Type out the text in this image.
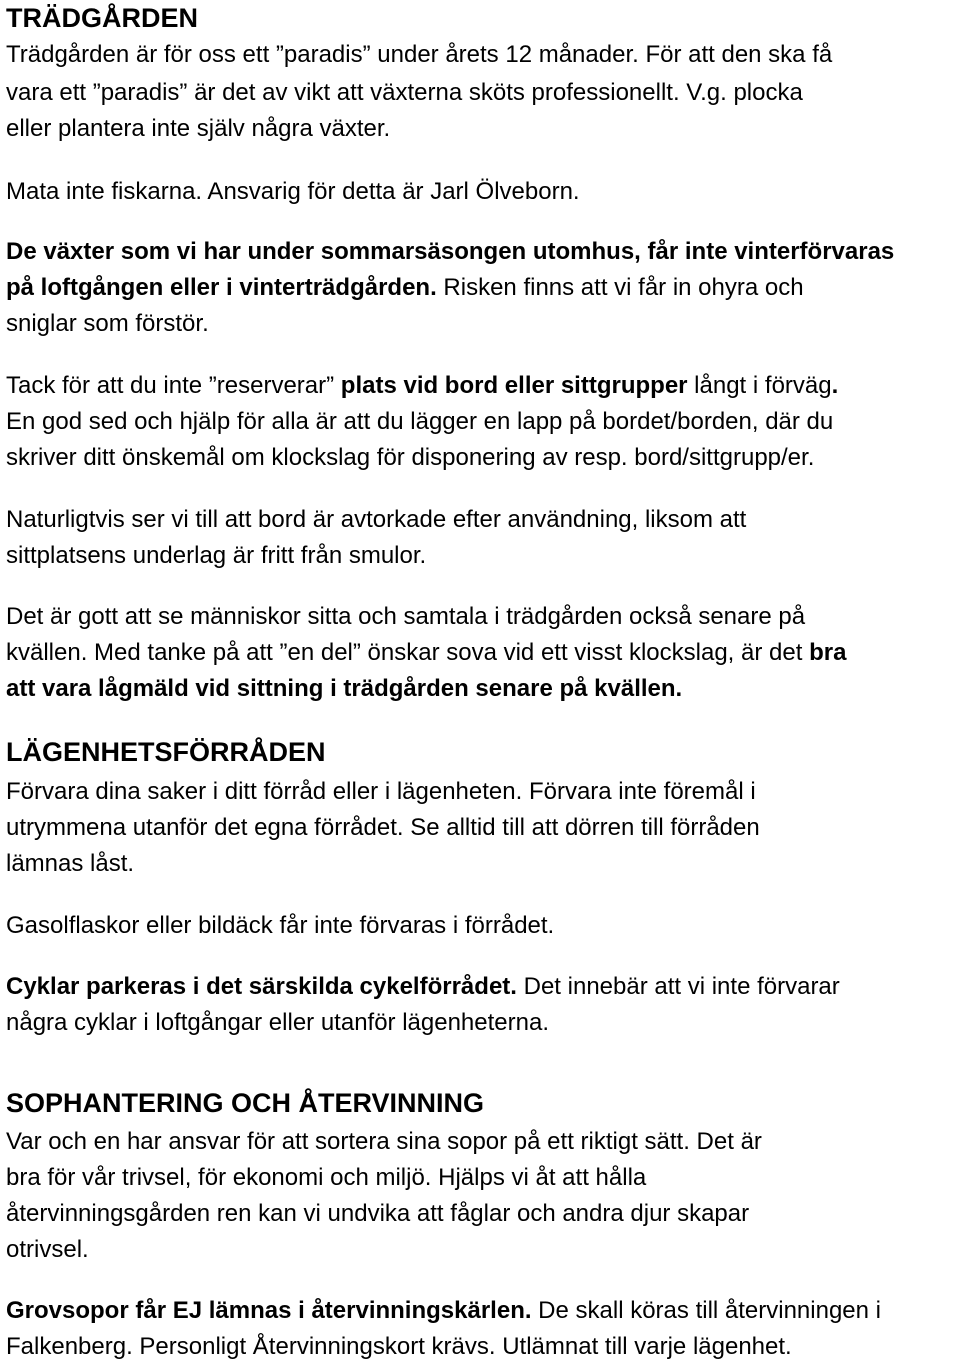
TRÄDGÅRDEN
Trädgården är för oss ett ”paradis” under årets 12 månader. För att den ska få
vara ett ”paradis” är det av vikt att växterna sköts professionellt. V.g. plocka
eller plantera inte själv några växter.
Mata inte fiskarna. Ansvarig för detta är Jarl Ölveborn.
De växter som vi har under sommarsäsongen utomhus, får inte vinterförvaras
på loftgången eller i vinterträdgården. Risken finns att vi får in ohyra och
sniglar som förstör.
Tack för att du inte ”reserverar” plats vid bord eller sittgrupper långt i förväg.
En god sed och hjälp för alla är att du lägger en lapp på bordet/borden, där du
skriver ditt önskemål om klockslag för disponering av resp. bord/sittgrupp/er.
Naturligtvis ser vi till att bord är avtorkade efter användning, liksom att
sittplatsens underlag är fritt från smulor.
Det är gott att se människor sitta och samtala i trädgården också senare på
kvällen. Med tanke på att ”en del” önskar sova vid ett visst klockslag, är det bra
att vara lågmäld vid sittning i trädgården senare på kvällen.
LÄGENHETSFÖRRÅDEN
Förvara dina saker i ditt förråd eller i lägenheten. Förvara inte föremål i
utrymmena utanför det egna förrådet. Se alltid till att dörren till förråden
lämnas låst.
Gasolflaskor eller bildäck får inte förvaras i förrådet.
Cyklar parkeras i det särskilda cykelförrådet. Det innebär att vi inte förvarar
några cyklar i loftgångar eller utanför lägenheterna.
SOPHANTERING OCH ÅTERVINNING
Var och en har ansvar för att sortera sina sopor på ett riktigt sätt. Det är
bra för vår trivsel, för ekonomi och miljö. Hjälps vi åt att hålla
återvinningsgården ren kan vi undvika att fåglar och andra djur skapar
otrivsel.
Grovsopor får EJ lämnas i återvinningskärlen. De skall köras till återvinningen i
Falkenberg. Personligt Återvinningskort krävs. Utlämnat till varje lägenhet.
